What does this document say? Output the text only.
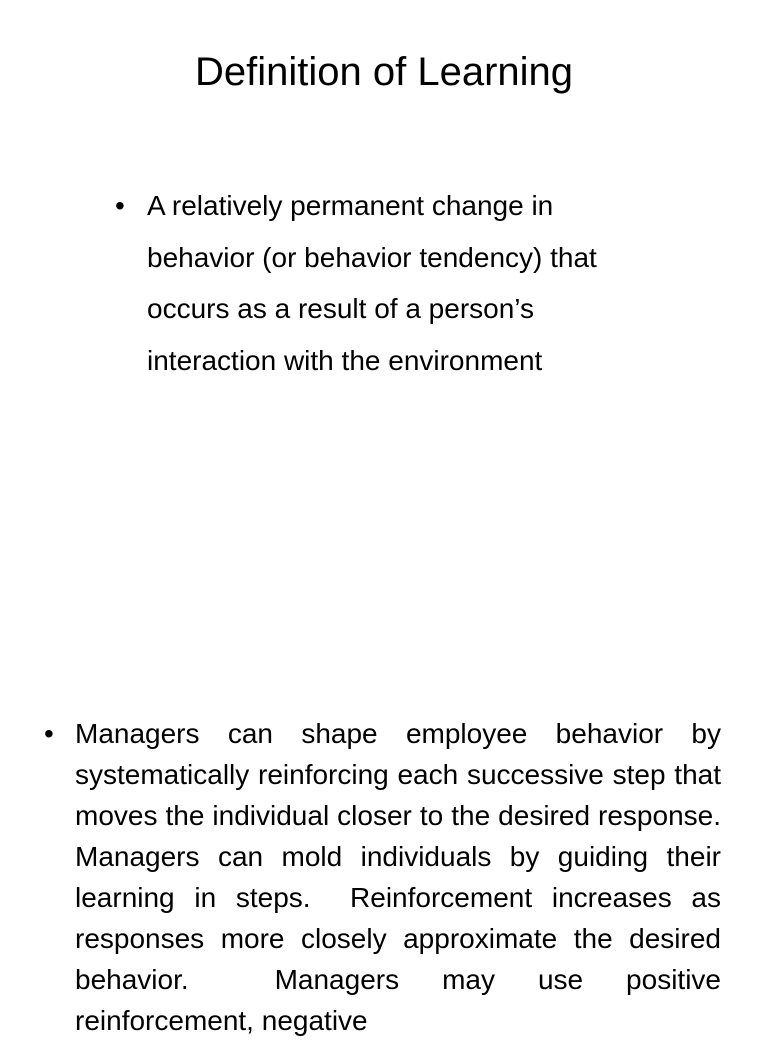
Definition of Learning
• A relatively permanent change in behavior (or behavior tendency) that occurs as a result of a person’s interaction with the environment
• Managers can shape employee behavior by systematically reinforcing each successive step that moves the individual closer to the desired response.  Managers can mold individuals by guiding their learning in steps.  Reinforcement increases as responses more closely approximate the desired behavior.  Managers may use positive reinforcement, negative
